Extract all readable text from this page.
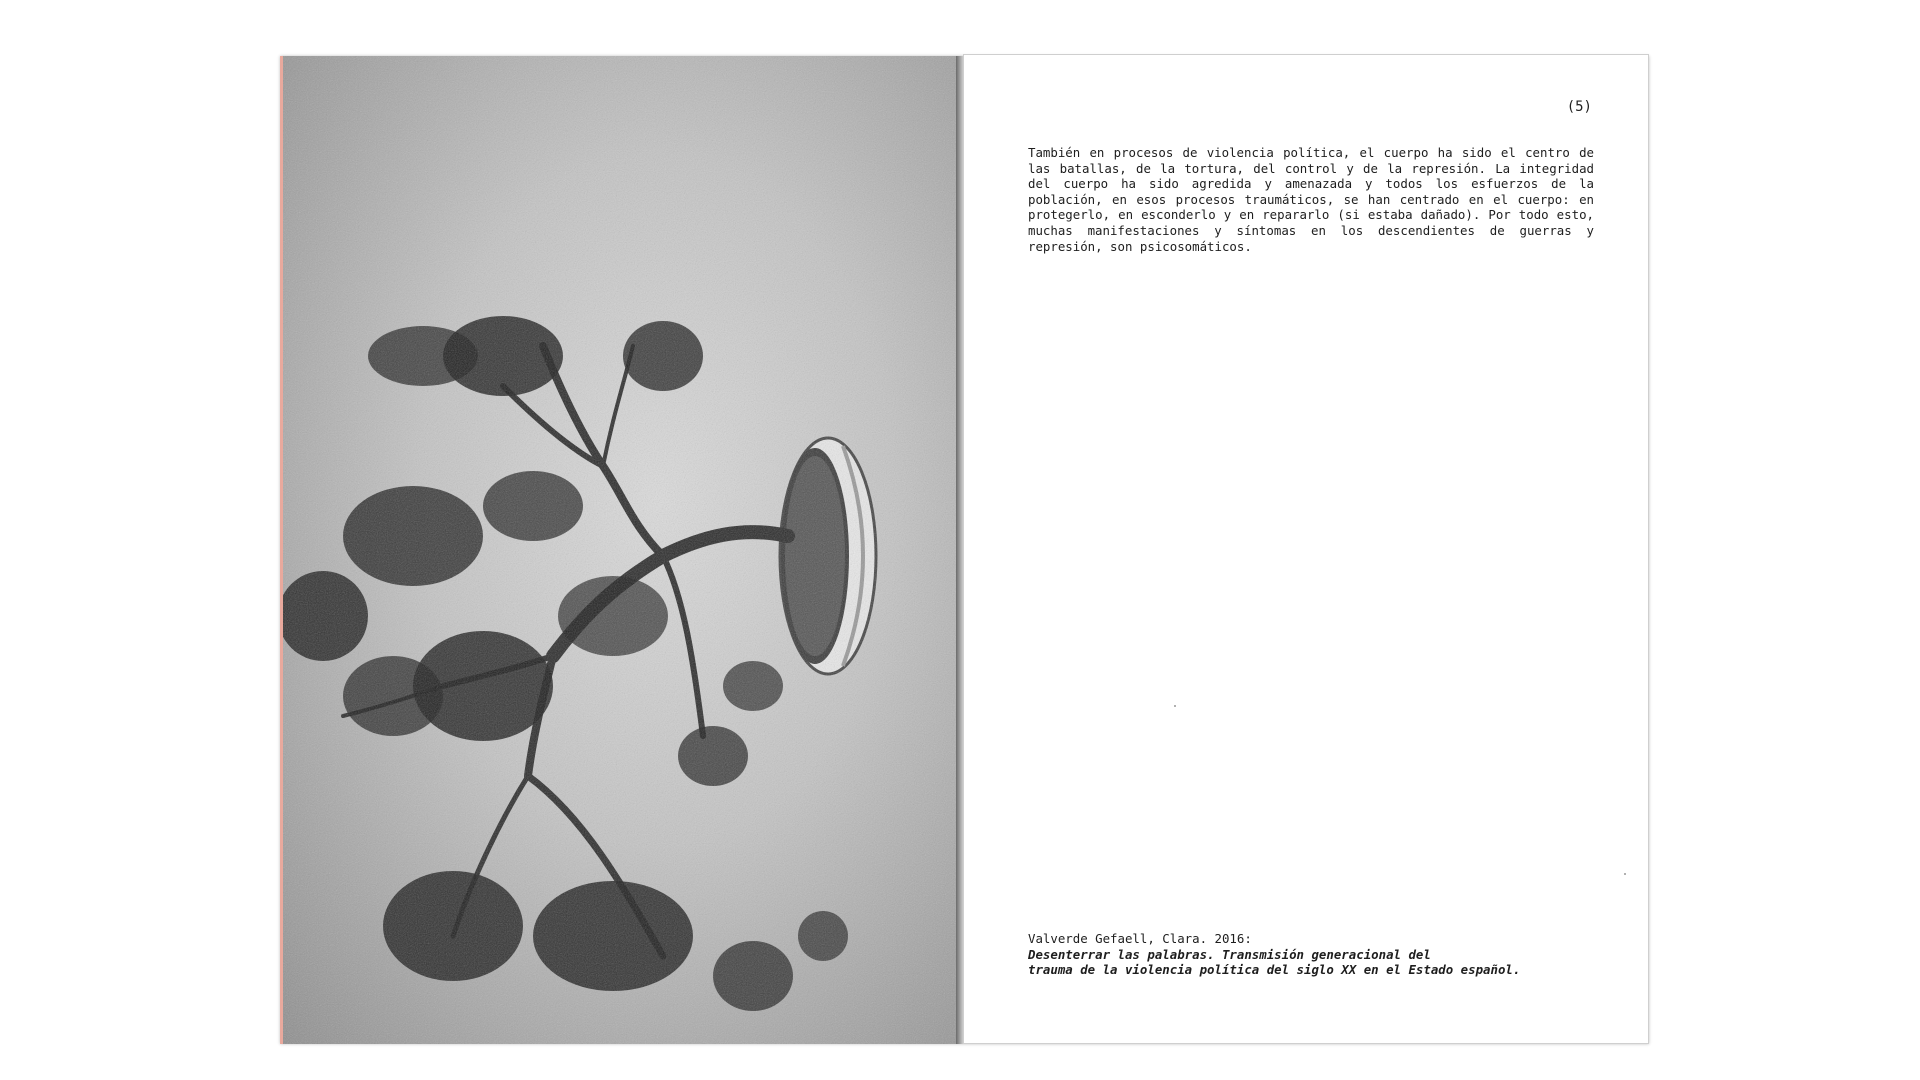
(5)

También en procesos de violencia política, el cuerpo ha sido el centro de las batallas, de la tortura, del control y de la represión. La integridad del cuerpo ha sido agredida y amenazada y todos los esfuerzos de la población, en esos procesos traumáticos, se han centrado en el cuerpo: en protegerlo, en esconderlo y en repararlo (si estaba dañado). Por todo esto, muchas manifestaciones y síntomas en los descendientes de guerras y represión, son psicosomáticos.

Valverde Gefaell, Clara. 2016:
Desenterrar las palabras. Transmisión generacional del
trauma de la violencia política del siglo XX en el Estado español.
